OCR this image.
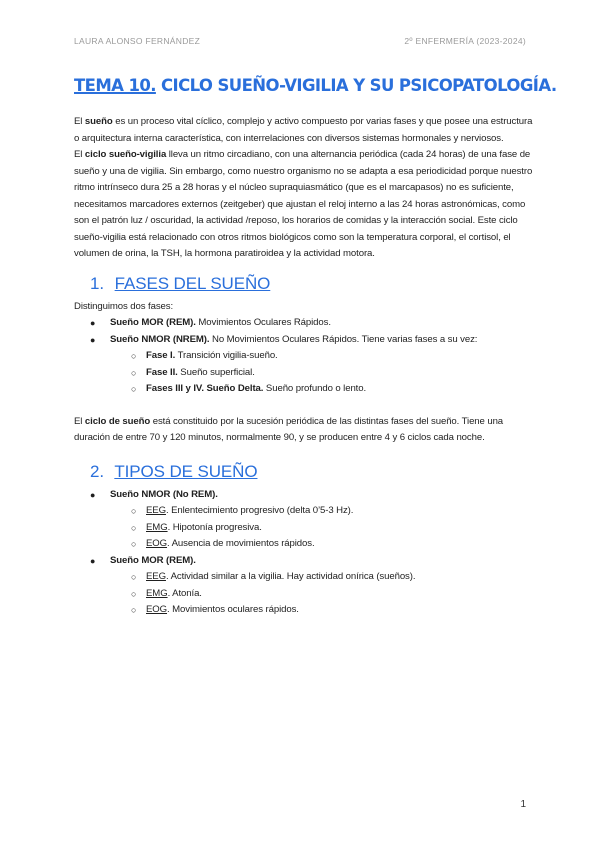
LAURA ALONSO FERNÁNDEZ	2º ENFERMERÍA (2023-2024)
TEMA 10. CICLO SUEÑO-VIGILIA Y SU PSICOPATOLOGÍA.

El sueño es un proceso vital cíclico, complejo y activo compuesto por varias fases y que posee una estructura o arquitectura interna característica, con interrelaciones con diversos sistemas hormonales y nerviosos.

El ciclo sueño-vigilia lleva un ritmo circadiano, con una alternancia periódica (cada 24 horas) de una fase de sueño y una de vigilia. Sin embargo, como nuestro organismo no se adapta a esa periodicidad porque nuestro ritmo intrínseco dura 25 a 28 horas y el núcleo supraquiasmático (que es el marcapasos) no es suficiente, necesitamos marcadores externos (zeitgeber) que ajustan el reloj interno a las 24 horas astronómicas, como son el patrón luz / oscuridad, la actividad /reposo, los horarios de comidas y la interacción social. Este ciclo sueño-vigilia está relacionado con otros ritmos biológicos como son la temperatura corporal, el cortisol, el volumen de orina, la TSH, la hormona paratiroidea y la actividad motora.

1. FASES DEL SUEÑO

Distinguimos dos fases:

● Sueño MOR (REM). Movimientos Oculares Rápidos.
● Sueño NMOR (NREM). No Movimientos Oculares Rápidos. Tiene varias fases a su vez:
○ Fase I. Transición vigilia-sueño.
○ Fase II. Sueño superficial.
○ Fases III y IV. Sueño Delta. Sueño profundo o lento.

El ciclo de sueño está constituido por la sucesión periódica de las distintas fases del sueño. Tiene una duración de entre 70 y 120 minutos, normalmente 90, y se producen entre 4 y 6 ciclos cada noche.

2. TIPOS DE SUEÑO
● Sueño NMOR (No REM).
○ EEG. Enlentecimiento progresivo (delta 0’5-3 Hz).
○ EMG. Hipotonía progresiva.
○ EOG. Ausencia de movimientos rápidos.
● Sueño MOR (REM).
○ EEG. Actividad similar a la vigilia. Hay actividad onírica (sueños).
○ EMG. Atonía.
○ EOG. Movimientos oculares rápidos.
1
